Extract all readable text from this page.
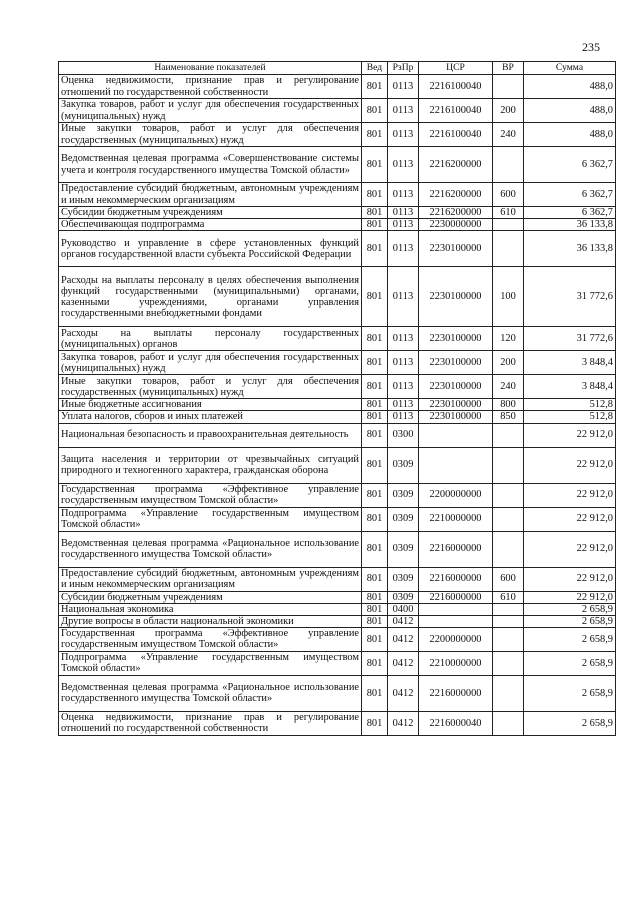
235
Наименование показателей	Вед	РзПр	ЦСР	ВР	Сумма
Оценка недвижимости, признание прав и регулирование отношений по государственной собственности	801	0113	2216100040		488,0
Закупка товаров, работ и услуг для обеспечения государственных (муниципальных) нужд	801	0113	2216100040	200	488,0
Иные закупки товаров, работ и услуг для обеспечения государственных (муниципальных) нужд	801	0113	2216100040	240	488,0
Ведомственная целевая программа «Совершенствование системы учета и контроля государственного имущества Томской области»	801	0113	2216200000		6 362,7
Предоставление субсидий бюджетным, автономным учреждениям и иным некоммерческим организациям	801	0113	2216200000	600	6 362,7
Субсидии бюджетным учреждениям	801	0113	2216200000	610	6 362,7
Обеспечивающая подпрограмма	801	0113	2230000000		36 133,8
Руководство и управление в сфере установленных функций органов государственной власти субъекта Российской Федерации	801	0113	2230100000		36 133,8
Расходы на выплаты персоналу в целях обеспечения выполнения функций государственными (муниципальными) органами, казенными учреждениями, органами управления государственными внебюджетными фондами	801	0113	2230100000	100	31 772,6
Расходы на выплаты персоналу государственных (муниципальных) органов	801	0113	2230100000	120	31 772,6
Закупка товаров, работ и услуг для обеспечения государственных (муниципальных) нужд	801	0113	2230100000	200	3 848,4
Иные закупки товаров, работ и услуг для обеспечения государственных (муниципальных) нужд	801	0113	2230100000	240	3 848,4
Иные бюджетные ассигнования	801	0113	2230100000	800	512,8
Уплата налогов, сборов и иных платежей	801	0113	2230100000	850	512,8
Национальная безопасность и правоохранительная деятельность	801	0300			22 912,0
Защита населения и территории от чрезвычайных ситуаций природного и техногенного характера, гражданская оборона	801	0309			22 912,0
Государственная программа «Эффективное управление государственным имуществом Томской области»	801	0309	2200000000		22 912,0
Подпрограмма «Управление государственным имуществом Томской области»	801	0309	2210000000		22 912,0
Ведомственная целевая программа «Рациональное использование государственного имущества Томской области»	801	0309	2216000000		22 912,0
Предоставление субсидий бюджетным, автономным учреждениям и иным некоммерческим организациям	801	0309	2216000000	600	22 912,0
Субсидии бюджетным учреждениям	801	0309	2216000000	610	22 912,0
Национальная экономика	801	0400			2 658,9
Другие вопросы в области национальной экономики	801	0412			2 658,9
Государственная программа «Эффективное управление государственным имуществом Томской области»	801	0412	2200000000		2 658,9
Подпрограмма «Управление государственным имуществом Томской области»	801	0412	2210000000		2 658,9
Ведомственная целевая программа «Рациональное использование государственного имущества Томской области»	801	0412	2216000000		2 658,9
Оценка недвижимости, признание прав и регулирование отношений по государственной собственности	801	0412	2216000040		2 658,9
